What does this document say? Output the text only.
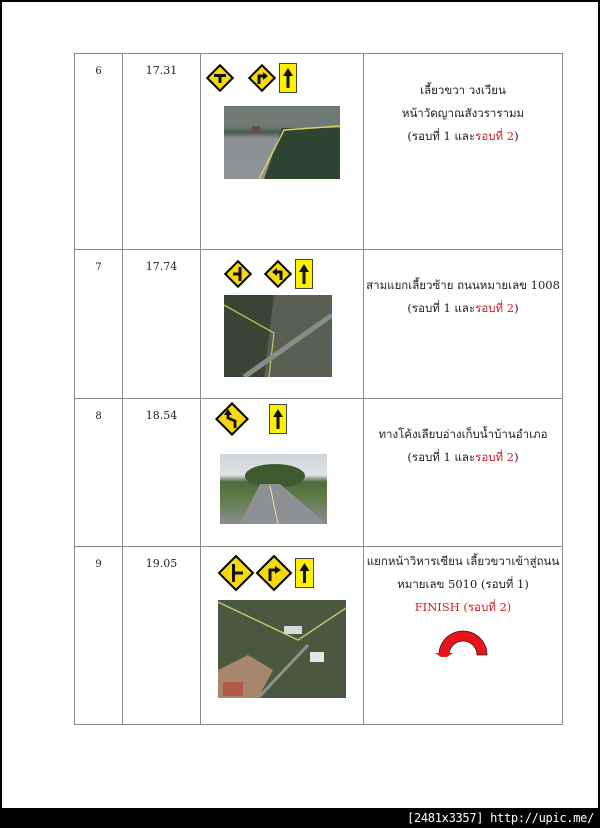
6	17.31		เลี้ยวขวา วงเวียน
หน้าวัดญาณสังวรารามม
(รอบที่ 1 และรอบที่ 2)

7	17.74		สามแยกเลี้ยวซ้าย ถนนหมายเลข 1008
(รอบที่ 1 และรอบที่ 2)

8	18.54		ทางโค้งเลียบอ่างเก็บน้ำบ้านอำเภอ
(รอบที่ 1 และรอบที่ 2)

9	19.05		แยกหน้าวิหารเซียน เลี้ยวขวาเข้าสู่ถนน
หมายเลข 5010 (รอบที่ 1)
FINISH (รอบที่ 2)
[2481x3357] http://upic.me/
